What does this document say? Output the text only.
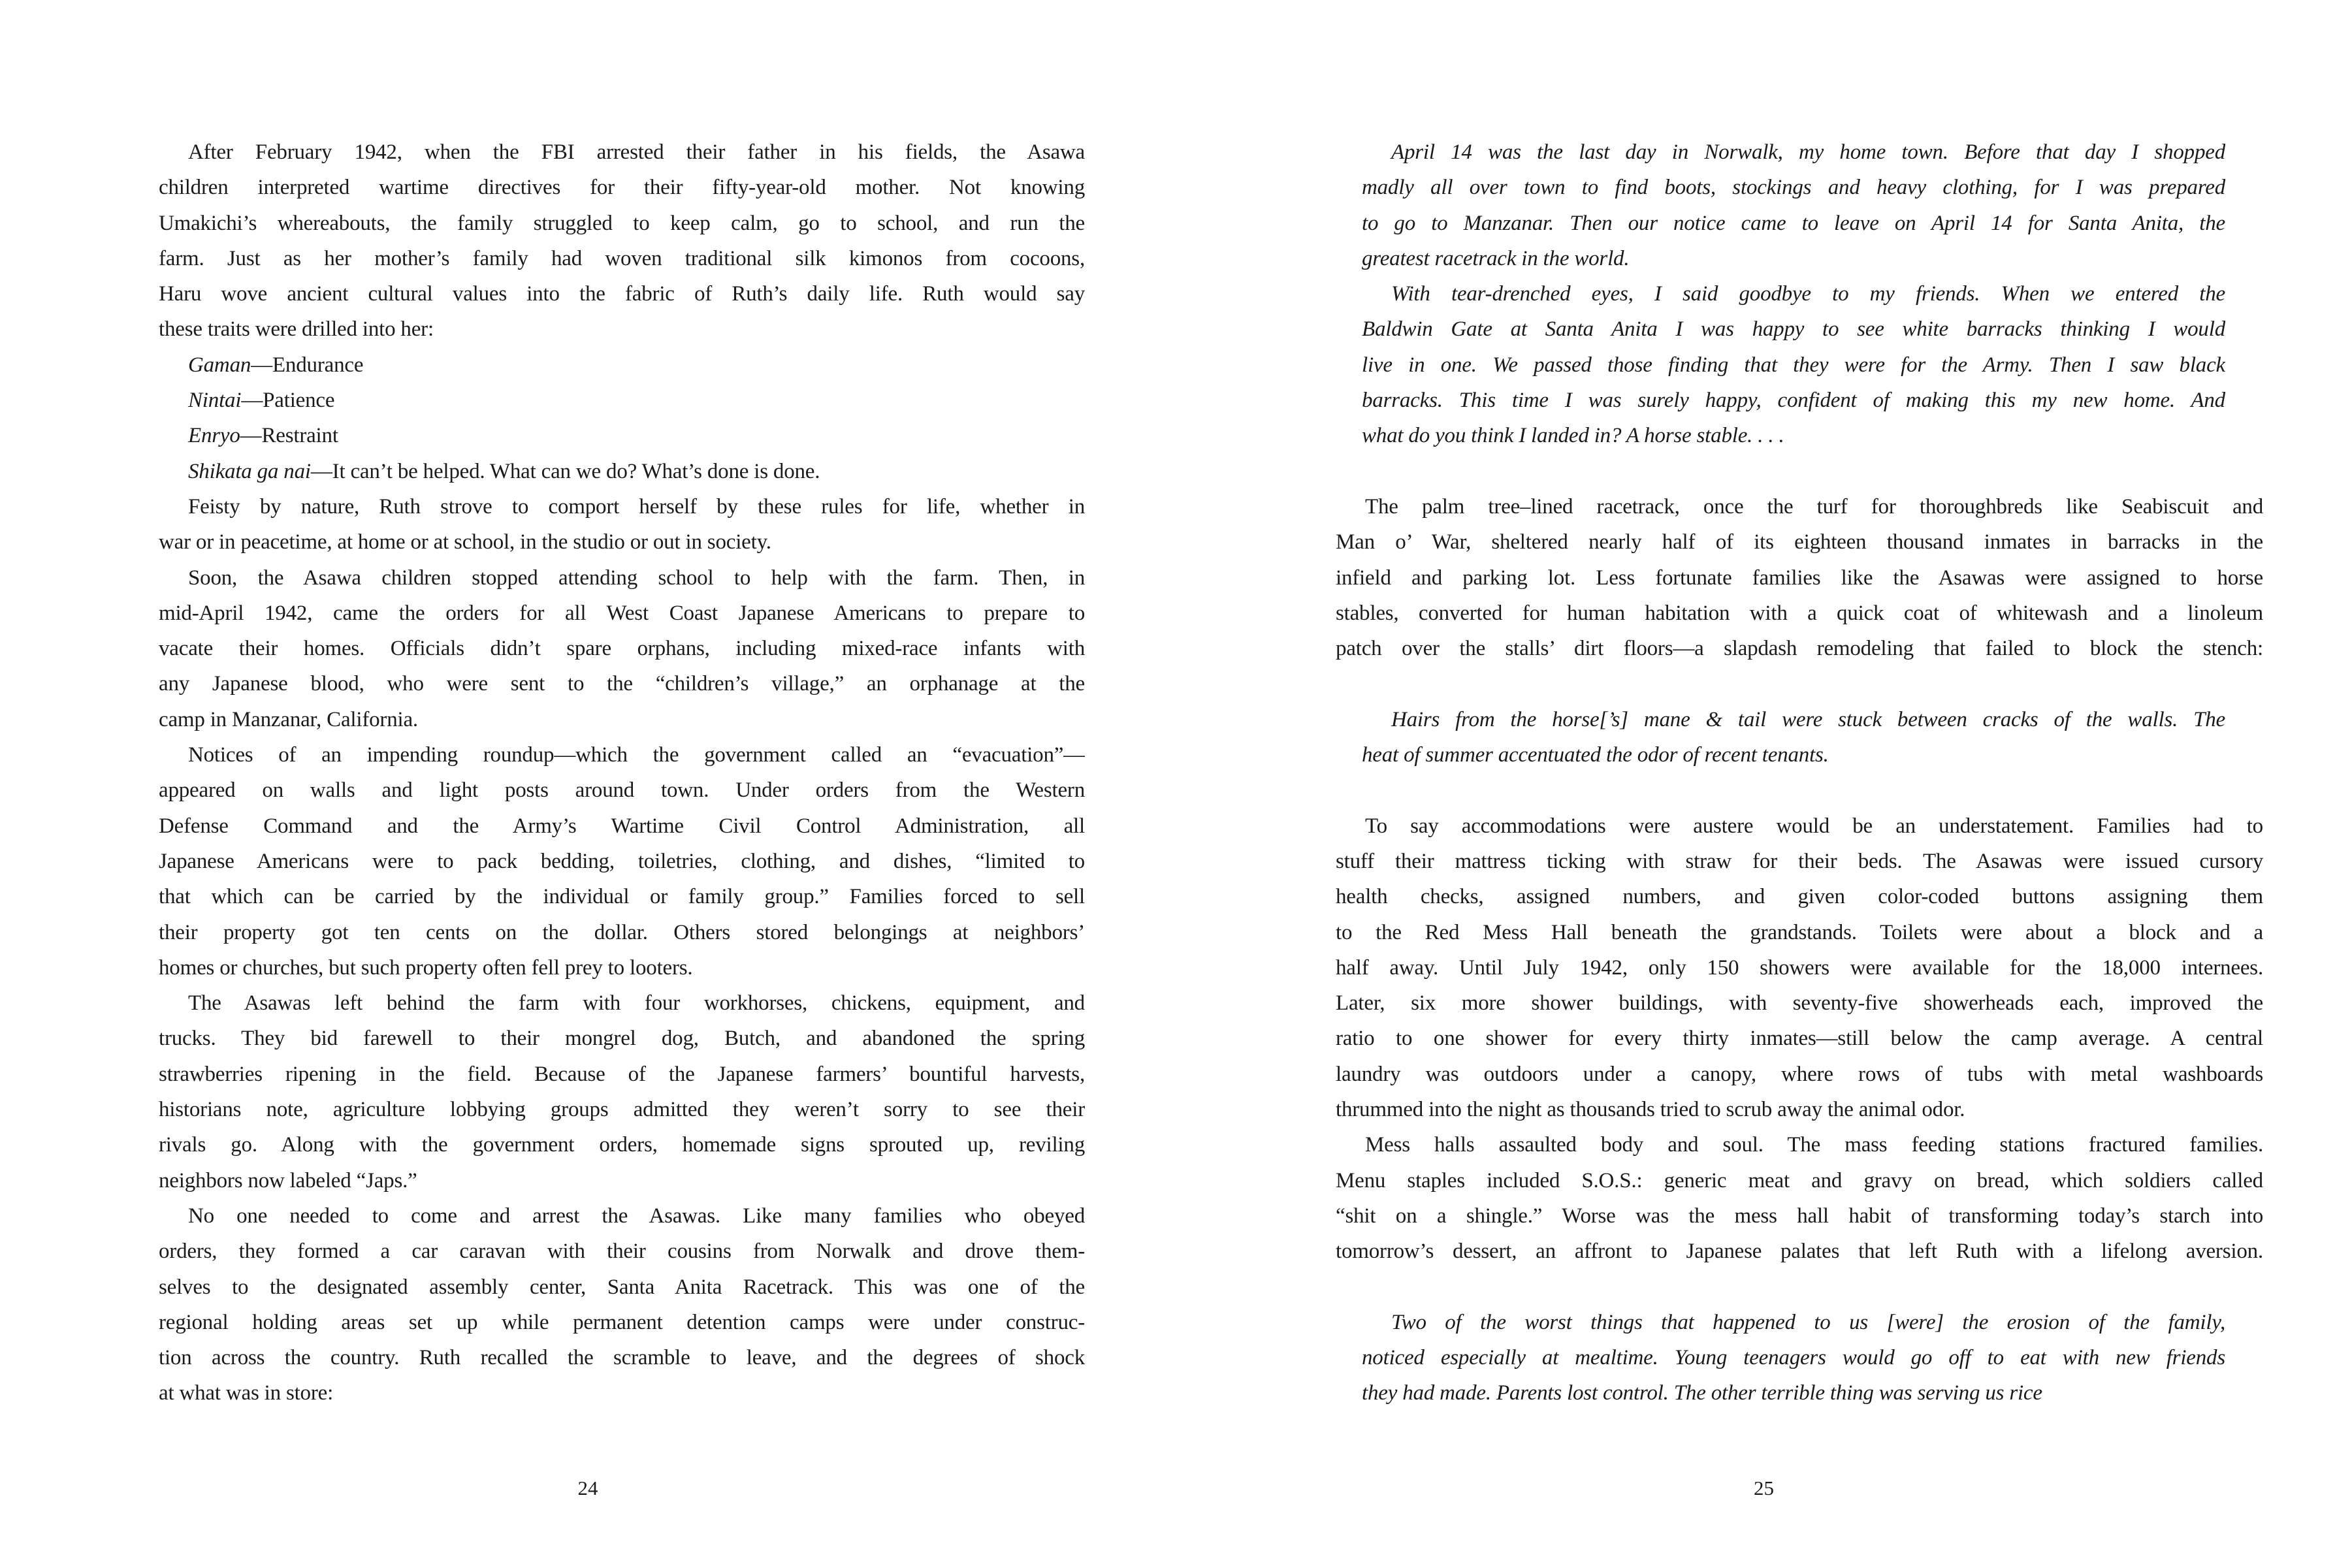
After February 1942, when the FBI arrested their father in his fields, the Asawa
children interpreted wartime directives for their fifty-year-old mother. Not knowing
Umakichi’s whereabouts, the family struggled to keep calm, go to school, and run the
farm. Just as her mother’s family had woven traditional silk kimonos from cocoons,
Haru wove ancient cultural values into the fabric of Ruth’s daily life. Ruth would say
these traits were drilled into her:
Gaman—Endurance
Nintai—Patience
Enryo—Restraint
Shikata ga nai—It can’t be helped. What can we do? What’s done is done.
Feisty by nature, Ruth strove to comport herself by these rules for life, whether in
war or in peacetime, at home or at school, in the studio or out in society.
Soon, the Asawa children stopped attending school to help with the farm. Then, in
mid-April 1942, came the orders for all West Coast Japanese Americans to prepare to
vacate their homes. Officials didn’t spare orphans, including mixed-race infants with
any Japanese blood, who were sent to the “children’s village,” an orphanage at the
camp in Manzanar, California.
Notices of an impending roundup—which the government called an “evacuation”—
appeared on walls and light posts around town. Under orders from the Western
Defense Command and the Army’s Wartime Civil Control Administration, all
Japanese Americans were to pack bedding, toiletries, clothing, and dishes, “limited to
that which can be carried by the individual or family group.” Families forced to sell
their property got ten cents on the dollar. Others stored belongings at neighbors’
homes or churches, but such property often fell prey to looters.
The Asawas left behind the farm with four workhorses, chickens, equipment, and
trucks. They bid farewell to their mongrel dog, Butch, and abandoned the spring
strawberries ripening in the field. Because of the Japanese farmers’ bountiful harvests,
historians note, agriculture lobbying groups admitted they weren’t sorry to see their
rivals go. Along with the government orders, homemade signs sprouted up, reviling
neighbors now labeled “Japs.”
No one needed to come and arrest the Asawas. Like many families who obeyed
orders, they formed a car caravan with their cousins from Norwalk and drove them-
selves to the designated assembly center, Santa Anita Racetrack. This was one of the
regional holding areas set up while permanent detention camps were under construc-
tion across the country. Ruth recalled the scramble to leave, and the degrees of shock
at what was in store:
24
April 14 was the last day in Norwalk, my home town. Before that day I shopped
madly all over town to find boots, stockings and heavy clothing, for I was prepared
to go to Manzanar. Then our notice came to leave on April 14 for Santa Anita, the
greatest racetrack in the world.
With tear-drenched eyes, I said goodbye to my friends. When we entered the
Baldwin Gate at Santa Anita I was happy to see white barracks thinking I would
live in one. We passed those finding that they were for the Army. Then I saw black
barracks. This time I was surely happy, confident of making this my new home. And
what do you think I landed in? A horse stable. . . .
The palm tree–lined racetrack, once the turf for thoroughbreds like Seabiscuit and
Man o’ War, sheltered nearly half of its eighteen thousand inmates in barracks in the
infield and parking lot. Less fortunate families like the Asawas were assigned to horse
stables, converted for human habitation with a quick coat of whitewash and a linoleum
patch over the stalls’ dirt floors—a slapdash remodeling that failed to block the stench:
Hairs from the horse[’s] mane & tail were stuck between cracks of the walls. The
heat of summer accentuated the odor of recent tenants.
To say accommodations were austere would be an understatement. Families had to
stuff their mattress ticking with straw for their beds. The Asawas were issued cursory
health checks, assigned numbers, and given color-coded buttons assigning them
to the Red Mess Hall beneath the grandstands. Toilets were about a block and a
half away. Until July 1942, only 150 showers were available for the 18,000 internees.
Later, six more shower buildings, with seventy-five showerheads each, improved the
ratio to one shower for every thirty inmates—still below the camp average. A central
laundry was outdoors under a canopy, where rows of tubs with metal washboards
thrummed into the night as thousands tried to scrub away the animal odor.
Mess halls assaulted body and soul. The mass feeding stations fractured families.
Menu staples included S.O.S.: generic meat and gravy on bread, which soldiers called
“shit on a shingle.” Worse was the mess hall habit of transforming today’s starch into
tomorrow’s dessert, an affront to Japanese palates that left Ruth with a lifelong aversion.
Two of the worst things that happened to us [were] the erosion of the family,
noticed especially at mealtime. Young teenagers would go off to eat with new friends
they had made. Parents lost control. The other terrible thing was serving us rice
25
